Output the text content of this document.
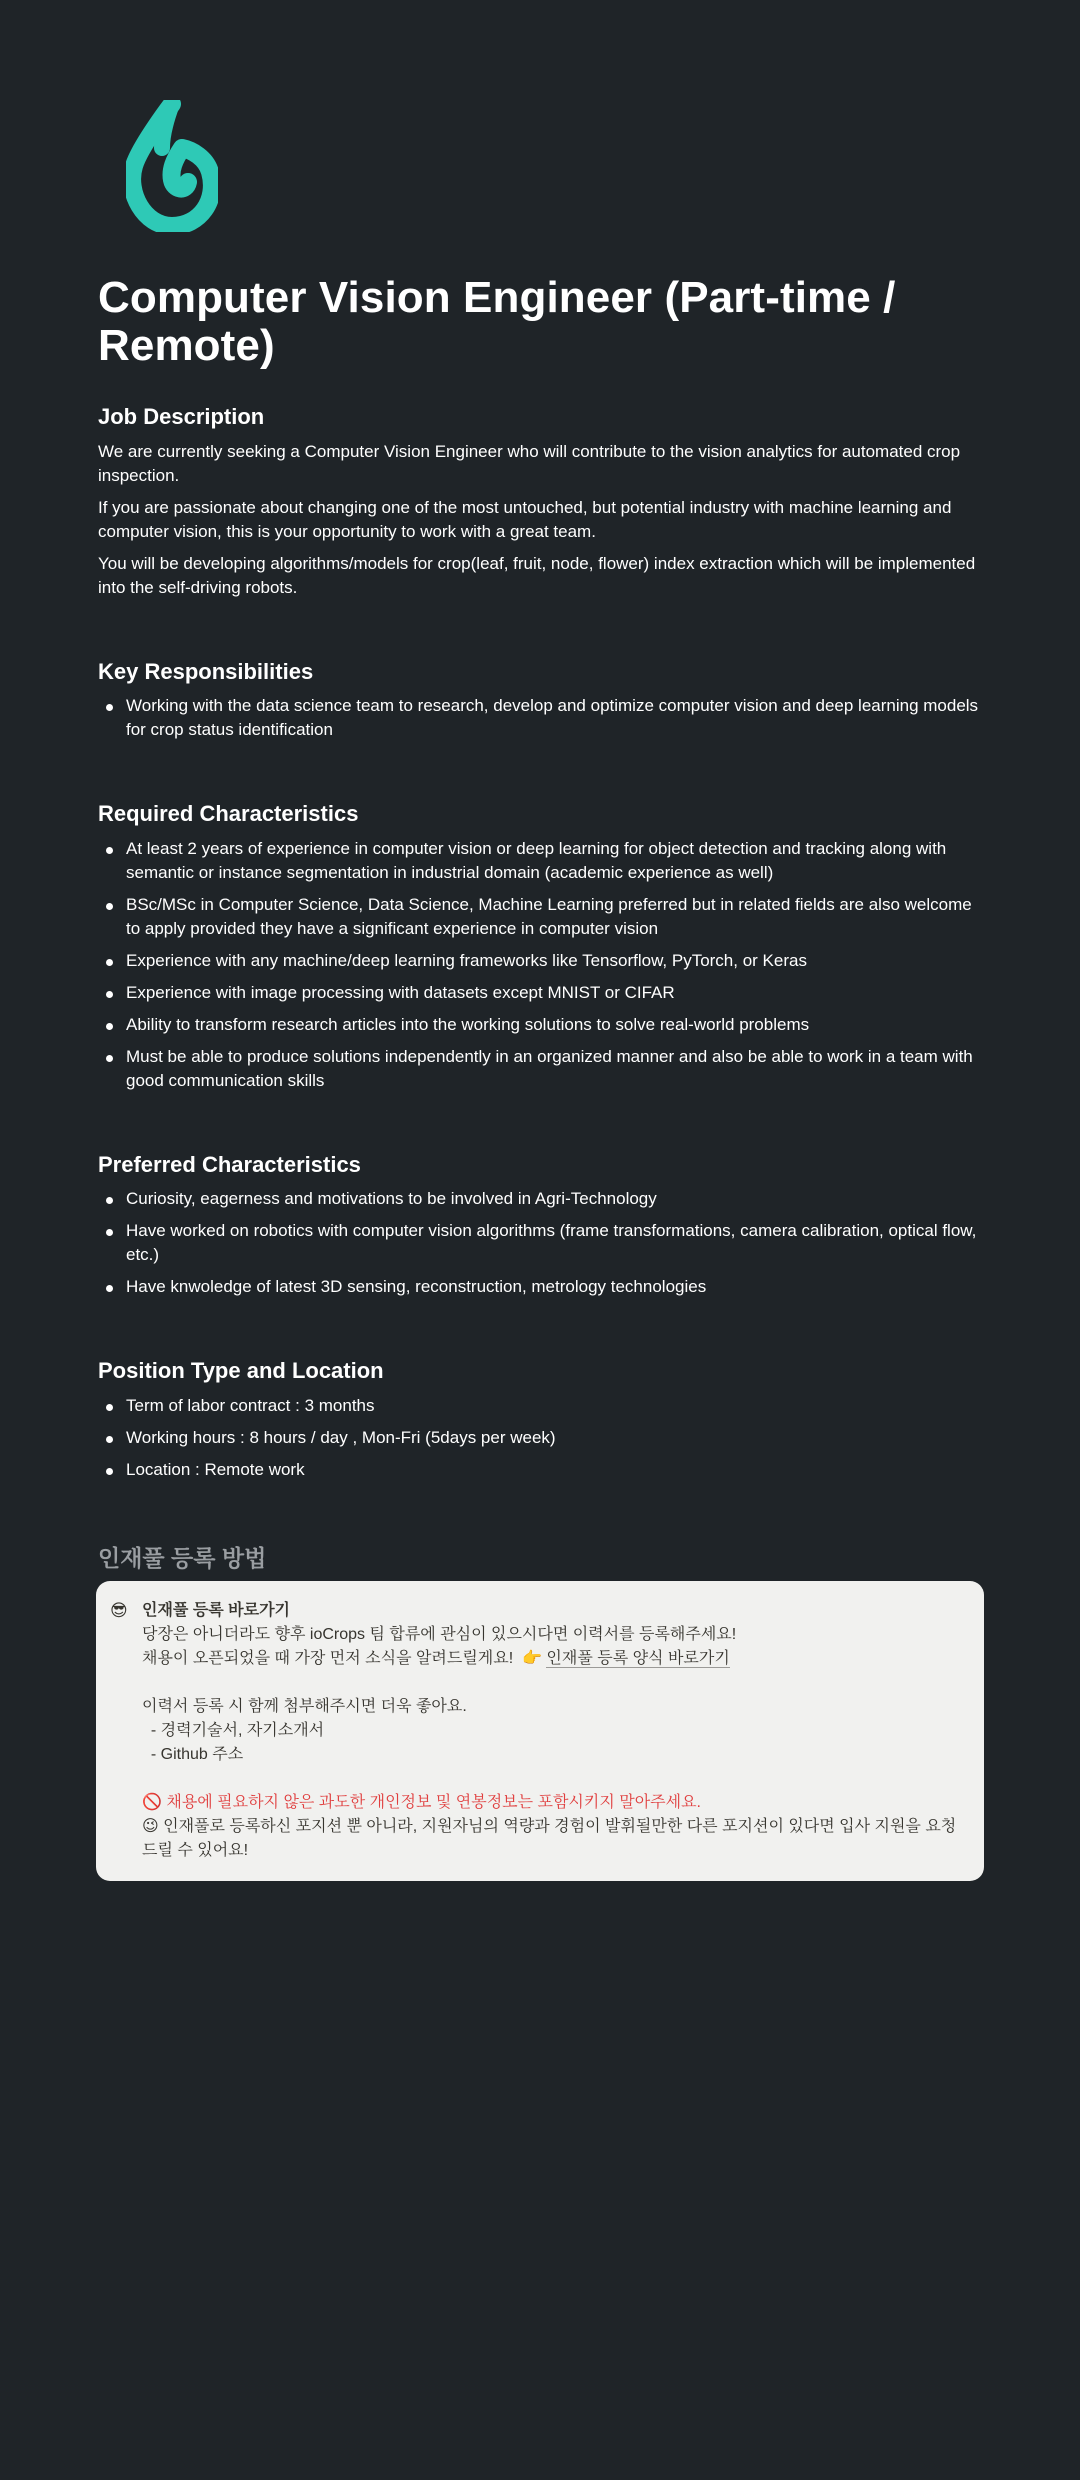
Computer Vision Engineer (Part-time / Remote)
Job Description

We are currently seeking a Computer Vision Engineer who will contribute to the vision analytics for automated crop inspection.

If you are passionate about changing one of the most untouched, but potential industry with machine learning and computer vision, this is your opportunity to work with a great team.

You will be developing algorithms/models for crop(leaf, fruit, node, flower) index extraction which will be implemented into the self-driving robots.

Key Responsibilities
Working with the data science team to research, develop and optimize computer vision and deep learning models for crop status identification
Required Characteristics
At least 2 years of experience in computer vision or deep learning for object detection and tracking along with semantic or instance segmentation in industrial domain (academic experience as well)
BSc/MSc in Computer Science, Data Science, Machine Learning preferred but in related fields are also welcome to apply provided they have a significant experience in computer vision
Experience with any machine/deep learning frameworks like Tensorflow, PyTorch, or Keras
Experience with image processing with datasets except MNIST or CIFAR
Ability to transform research articles into the working solutions to solve real-world problems
Must be able to produce solutions independently in an organized manner and also be able to work in a team with good communication skills
Preferred Characteristics
Curiosity, eagerness and motivations to be involved in Agri-Technology
Have worked on robotics with computer vision algorithms (frame transformations, camera calibration, optical flow, etc.)
Have knwoledge of latest 3D sensing, reconstruction, metrology technologies
Position Type and Location
Term of labor contract : 3 months
Working hours : 8 hours / day , Mon-Fri (5days per week)
Location : Remote work
인재풀 등록 방법
😎 인재풀 등록 바로가기
당장은 아니더라도 향후 ioCrops 팀 합류에 관심이 있으시다면 이력서를 등록해주세요!
채용이 오픈되었을 때 가장 먼저 소식을 알려드릴게요!  👉 인재풀 등록 양식 바로가기
이력서 등록 시 함께 첨부해주시면 더욱 좋아요.
- 경력기술서, 자기소개서
- Github 주소
🚫 채용에 필요하지 않은 과도한 개인정보 및 연봉정보는 포함시키지 말아주세요.
😉 인재풀로 등록하신 포지션 뿐 아니라, 지원자님의 역량과 경험이 발휘될만한 다른 포지션이 있다면 입사 지원을 요청드릴 수 있어요!
